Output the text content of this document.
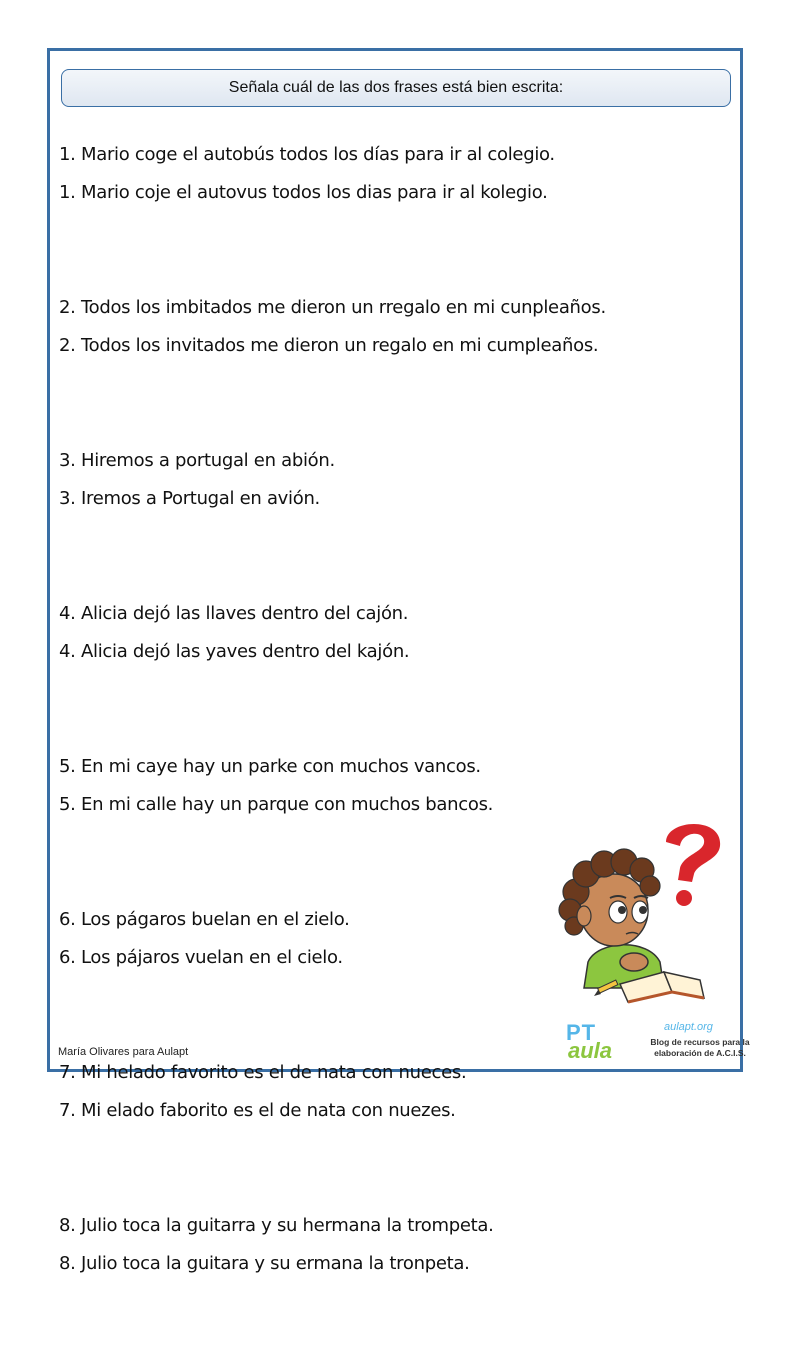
Señala cuál de las dos frases está bien escrita:
1. Mario coge el autobús todos los días para ir al colegio.
1. Mario coje el autovus todos los dias para ir al kolegio.
2. Todos los imbitados me dieron un rregalo en mi cunpleaños.
2. Todos los invitados me dieron un regalo en mi cumpleaños.
3. Hiremos a portugal en abión.
3. Iremos a Portugal en avión.
4. Alicia dejó las llaves dentro del cajón.
4. Alicia dejó las yaves dentro del kajón.
5. En mi caye hay un parke con muchos vancos.
5. En mi calle hay un parque con muchos bancos.
6. Los págaros buelan en el zielo.
6. Los pájaros vuelan en el cielo.
7. Mi helado favorito es el de nata con nueces.
7. Mi elado faborito es el de nata con nuezes.
8. Julio toca la guitarra y su hermana la trompeta.
8. Julio toca la guitara y su ermana la tronpeta.
María Olivares para Aulapt
PT
aula
aulapt.org
Blog de recursos para la
elaboración de A.C.I.S.
